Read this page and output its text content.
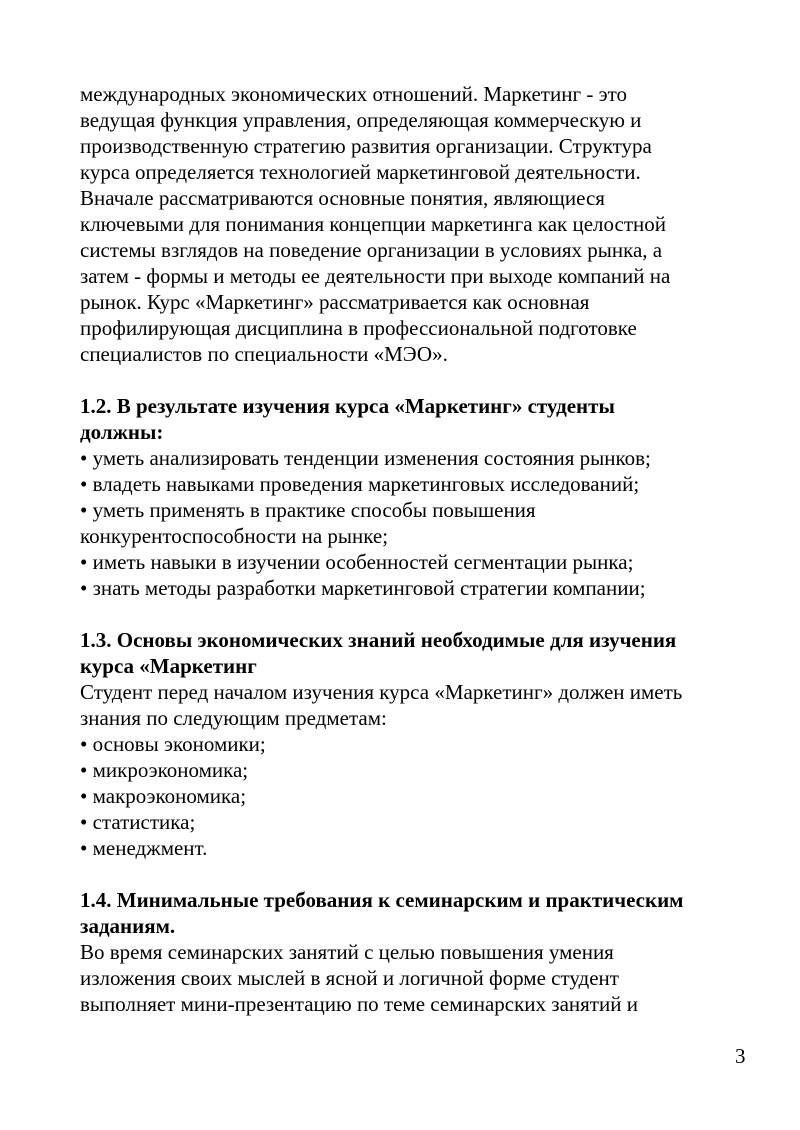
международных экономических отношений. Маркетинг - это
ведущая функция управления, определяющая коммерческую и
производственную стратегию развития организации. Структура
курса определяется технологией маркетинговой деятельности.
Вначале рассматриваются основные понятия, являющиеся
ключевыми для понимания концепции маркетинга как целостной
системы взглядов на поведение организации в условиях рынка, а
затем - формы и методы ее деятельности при выходе компаний на
рынок. Курс «Маркетинг» рассматривается как основная
профилирующая дисциплина в профессиональной подготовке
специалистов по специальности «МЭО».
1.2. В результате изучения курса «Маркетинг» студенты
должны:
• уметь анализировать тенденции изменения состояния рынков;
• владеть навыками проведения маркетинговых исследований;
• уметь применять в практике способы повышения
конкурентоспособности на рынке;
• иметь навыки в изучении особенностей сегментации рынка;
• знать методы разработки маркетинговой стратегии компании;
1.3. Основы экономических знаний необходимые для изучения
курса «Маркетинг
Студент перед началом изучения курса «Маркетинг» должен иметь
знания по следующим предметам:
• основы экономики;
• микроэкономика;
• макроэкономика;
• статистика;
• менеджмент.
1.4. Минимальные требования к семинарским и практическим
заданиям.
Во время семинарских занятий с целью повышения умения
изложения своих мыслей в ясной и логичной форме студент
выполняет мини-презентацию по теме семинарских занятий и
3
